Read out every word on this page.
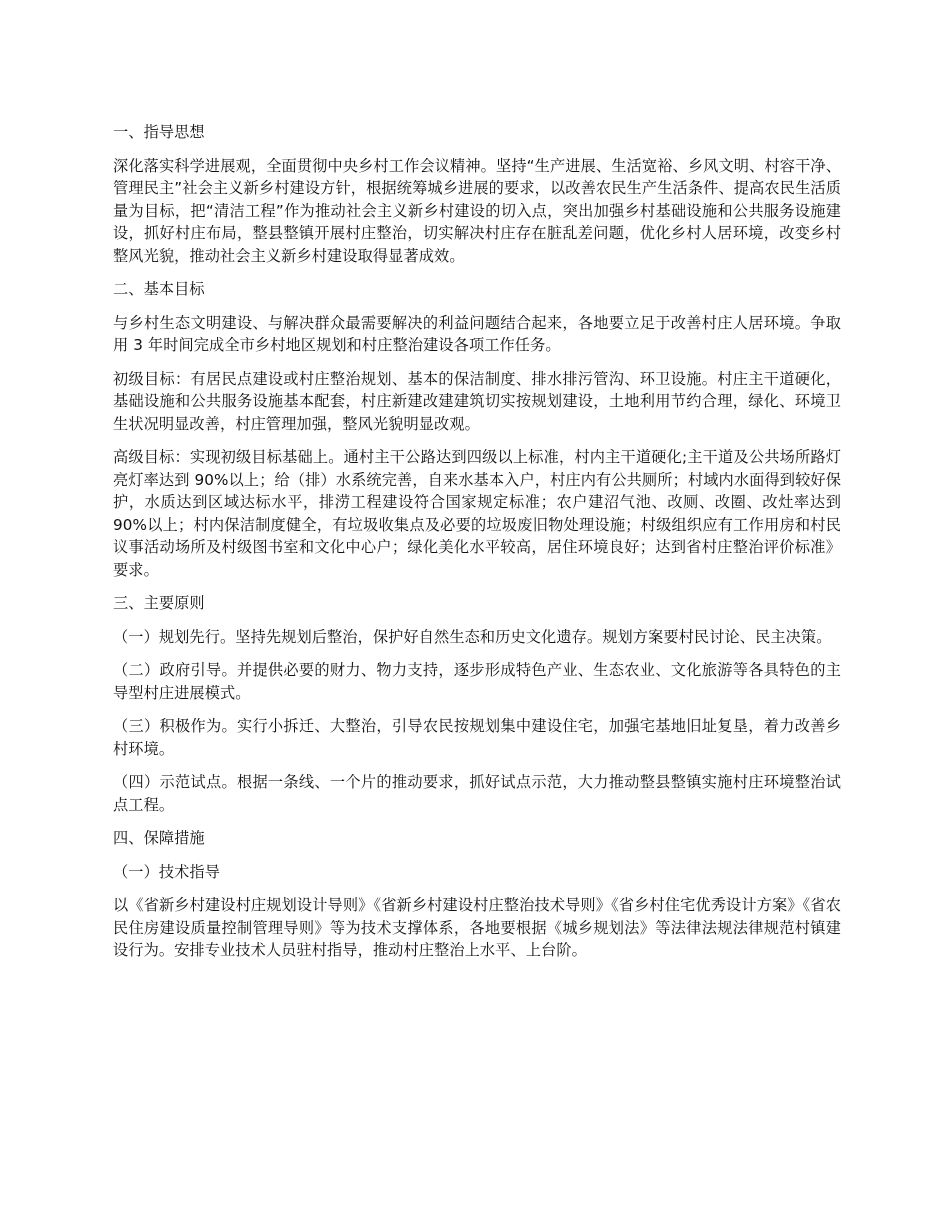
一、指导思想

深化落实科学进展观，全面贯彻中央乡村工作会议精神。坚持“生产进展、生活宽裕、乡风文明、村容干净、管理民主”社会主义新乡村建设方针，根据统筹城乡进展的要求，以改善农民生产生活条件、提高农民生活质量为目标，把“清洁工程”作为推动社会主义新乡村建设的切入点，突出加强乡村基础设施和公共服务设施建设，抓好村庄布局，整县整镇开展村庄整治，切实解决村庄存在脏乱差问题，优化乡村人居环境，改变乡村整风光貌，推动社会主义新乡村建设取得显著成效。

二、基本目标

与乡村生态文明建设、与解决群众最需要解决的利益问题结合起来，各地要立足于改善村庄人居环境。争取用 3 年时间完成全市乡村地区规划和村庄整治建设各项工作任务。

初级目标：有居民点建设或村庄整治规划、基本的保洁制度、排水排污管沟、环卫设施。村庄主干道硬化，基础设施和公共服务设施基本配套，村庄新建改建建筑切实按规划建设，土地利用节约合理，绿化、环境卫生状况明显改善，村庄管理加强，整风光貌明显改观。

高级目标：实现初级目标基础上。通村主干公路达到四级以上标准，村内主干道硬化;主干道及公共场所路灯亮灯率达到 90%以上；给（排）水系统完善，自来水基本入户，村庄内有公共厕所；村域内水面得到较好保护，水质达到区域达标水平，排涝工程建设符合国家规定标准；农户建沼气池、改厕、改圈、改灶率达到 90%以上；村内保洁制度健全，有垃圾收集点及必要的垃圾废旧物处理设施；村级组织应有工作用房和村民议事活动场所及村级图书室和文化中心户；绿化美化水平较高，居住环境良好；达到省村庄整治评价标准》要求。

三、主要原则

（一）规划先行。坚持先规划后整治，保护好自然生态和历史文化遗存。规划方案要村民讨论、民主决策。

（二）政府引导。并提供必要的财力、物力支持，逐步形成特色产业、生态农业、文化旅游等各具特色的主导型村庄进展模式。

（三）积极作为。实行小拆迁、大整治，引导农民按规划集中建设住宅，加强宅基地旧址复垦，着力改善乡村环境。

（四）示范试点。根据一条线、一个片的推动要求，抓好试点示范，大力推动整县整镇实施村庄环境整治试点工程。

四、保障措施

（一）技术指导

以《省新乡村建设村庄规划设计导则》《省新乡村建设村庄整治技术导则》《省乡村住宅优秀设计方案》《省农民住房建设质量控制管理导则》等为技术支撑体系，各地要根据《城乡规划法》等法律法规法律规范村镇建设行为。安排专业技术人员驻村指导，推动村庄整治上水平、上台阶。
